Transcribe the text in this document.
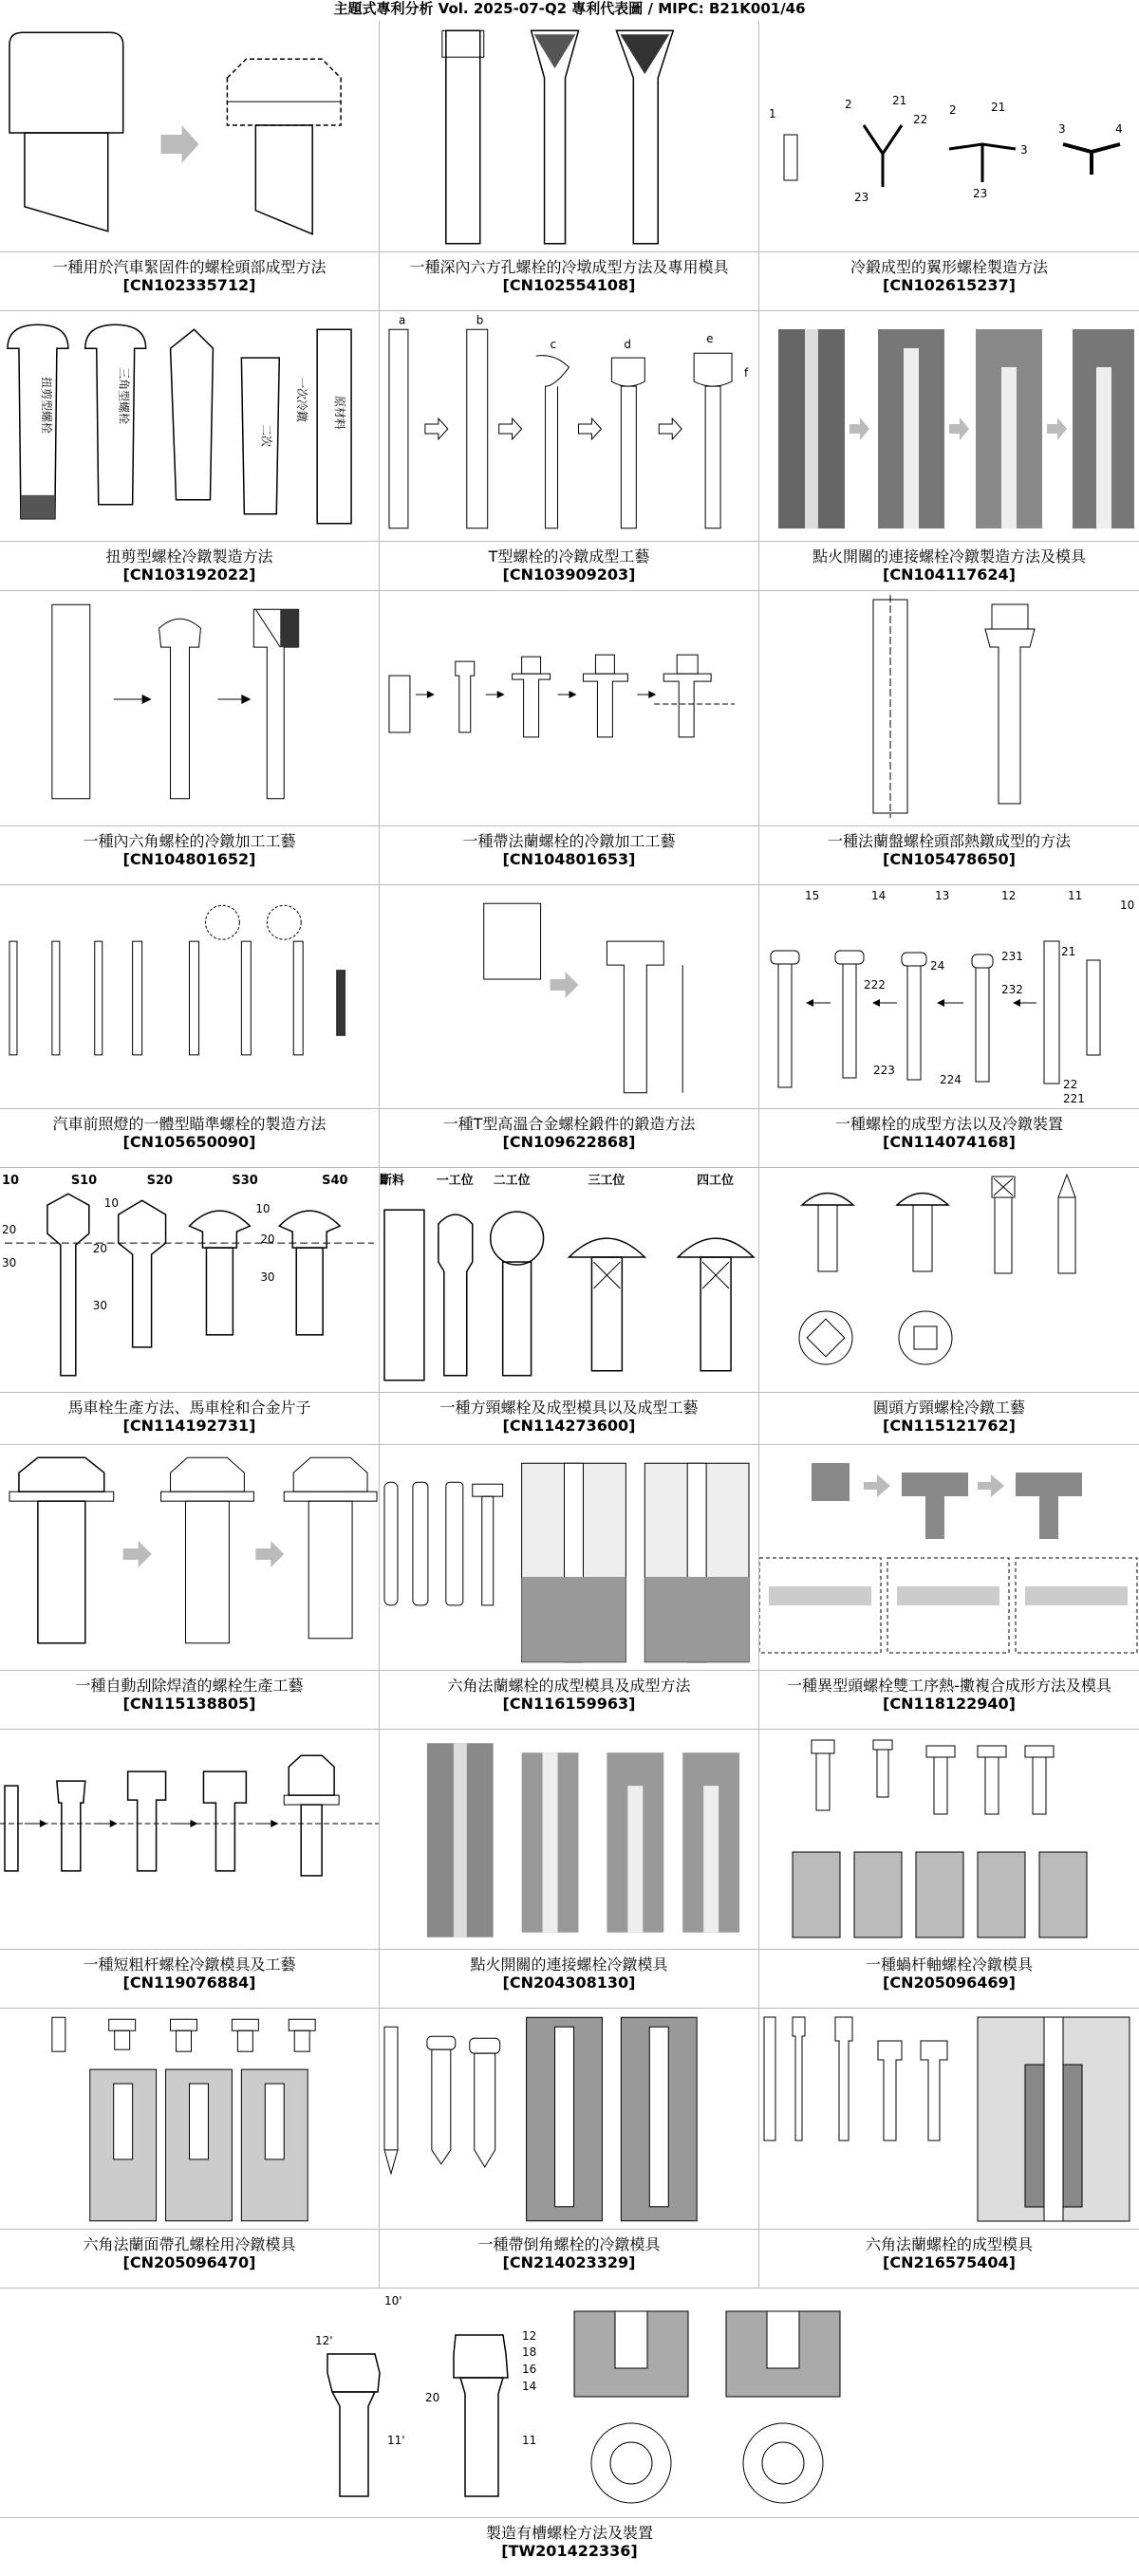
主題式專利分析 Vol. 2025-07-Q2 專利代表圖 / MIPC: B21K001/46
一種用於汽車緊固件的螺栓頭部成型方法
[CN102335712]
一種深內六方孔螺栓的冷墩成型方法及專用模具
[CN102554108]
1
2	21
22
23
2	21
3
23
3	4
冷鍛成型的翼形螺栓製造方法
[CN102615237]
扭剪型螺栓	三角型螺栓
二次
一次冷鐓 原材料
扭剪型螺栓冷鐓製造方法
[CN103192022]
a	b
c	d	e
f
T型螺栓的冷鐓成型工藝
[CN103909203]
點火開關的連接螺栓冷鐓製造方法及模具
[CN104117624]
一種內六角螺栓的冷鐓加工工藝
[CN104801652]
一種帶法蘭螺栓的冷鐓加工工藝
[CN104801653]
一種法蘭盤螺栓頭部熱鐓成型的方法
[CN105478650]
汽車前照燈的一體型瞄準螺栓的製造方法
[CN105650090]
一種T型高溫合金螺栓鍛件的鍛造方法
[CN109622868]
15	14	13	12	11
10
222
24
231
232
21
223
224	22
221
一種螺栓的成型方法以及冷鐓裝置
[CN114074168]
10	S10
20
30
S20
10
20
30
S30	S40
10
20
30
馬車栓生產方法、馬車栓和合金片子
[CN114192731]
斷料	一工位 二工位	三工位	四工位
一種方頸螺栓及成型模具以及成型工藝
[CN114273600]
圓頭方頸螺栓冷鐓工藝
[CN115121762]
一種自動刮除焊渣的螺栓生產工藝
[CN115138805]
六角法蘭螺栓的成型模具及成型方法
[CN116159963]
一種異型頭螺栓雙工序熱-擻複合成形方法及模具
[CN118122940]
一種短粗杆螺栓冷鐓模具及工藝
[CN119076884]
點火開關的連接螺栓冷鐓模具
[CN204308130]
一種蝸杆軸螺栓冷鐓模具
[CN205096469]
六角法蘭面帶孔螺栓用冷鐓模具
[CN205096470]
一種帶倒角螺栓的冷鐓模具
[CN214023329]
六角法蘭螺栓的成型模具
[CN216575404]
10'
12'
11'
12
18
16
14
11
20
製造有槽螺栓方法及裝置
[TW201422336]
